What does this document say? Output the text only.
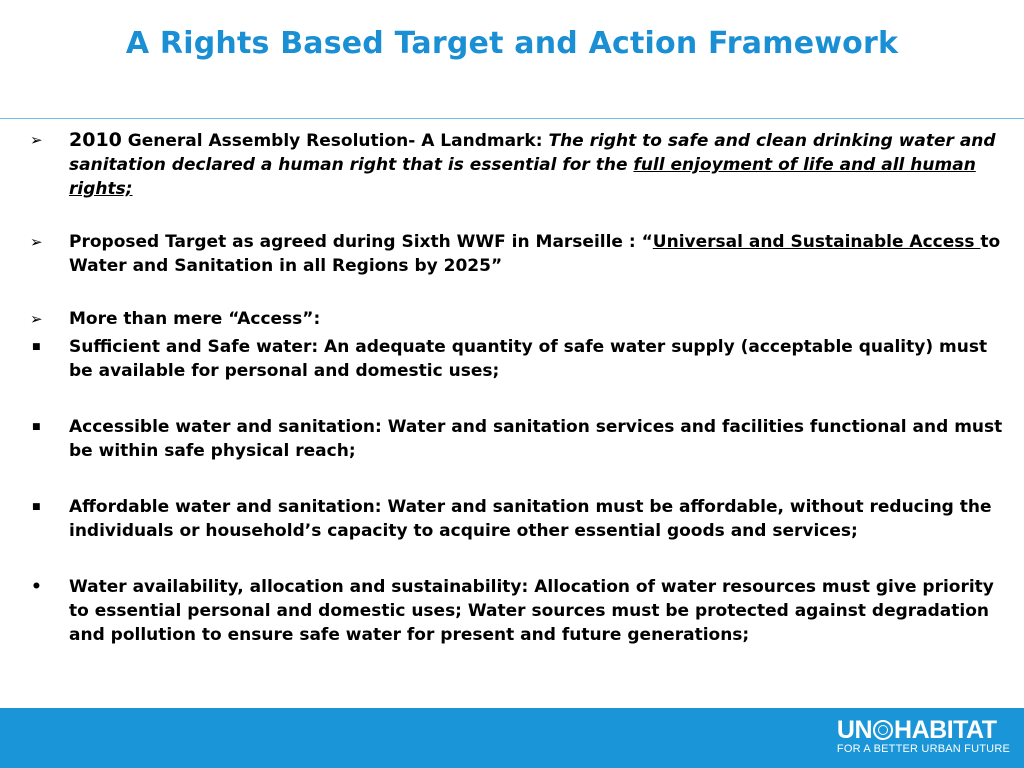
A Rights Based Target and Action Framework
➢	2010 General Assembly Resolution- A Landmark: The right to safe and clean drinking water and sanitation declared a human right that is essential for the full enjoyment of life and all human rights;
➢	Proposed Target as agreed during Sixth WWF in Marseille : “Universal and Sustainable Access to Water and Sanitation in all Regions by 2025”
➢	More than mere “Access”:
■	Sufficient and Safe water: An adequate quantity of safe water supply (acceptable quality) must be available for personal and domestic uses;
■	Accessible water and sanitation: Water and sanitation services and facilities functional and must be within safe physical reach;
■	Affordable water and sanitation: Water and sanitation must be affordable, without reducing the individuals or household’s capacity to acquire other essential goods and services;
•	Water availability, allocation and sustainability: Allocation of water resources must give priority to essential personal and domestic uses; Water sources must be protected against degradation and pollution to ensure safe water for present and future generations;
UN HABITAT
FOR A BETTER URBAN FUTURE
